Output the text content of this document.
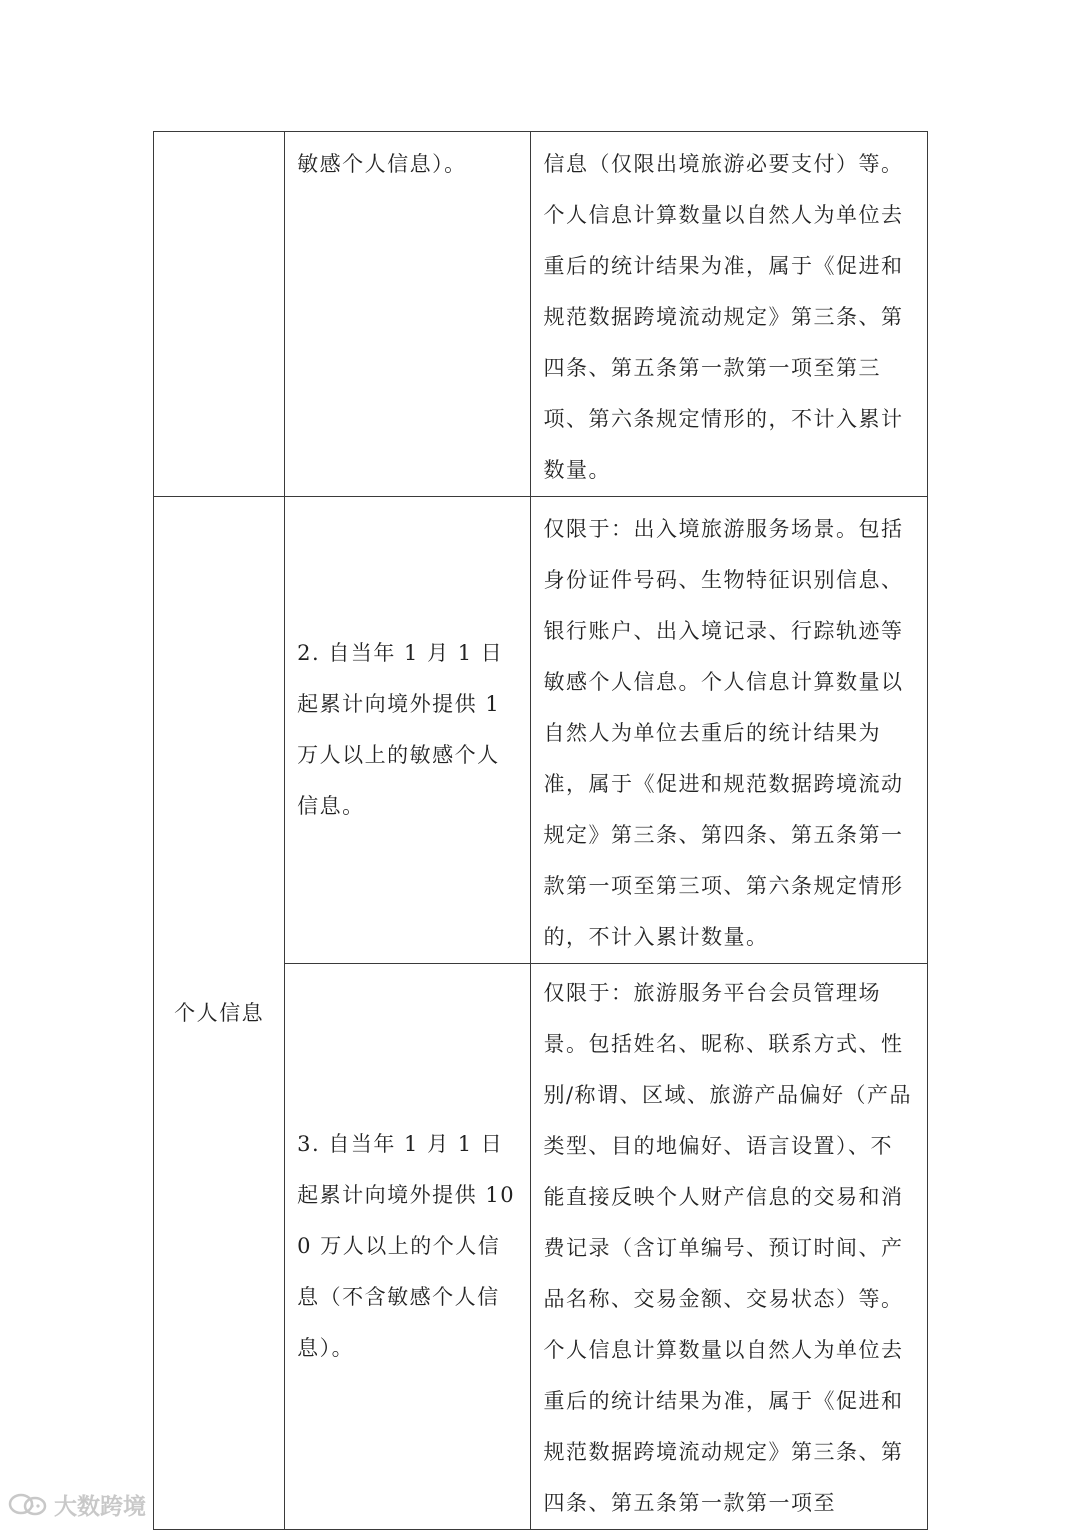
	敏感个人信息）。	信息（仅限出境旅游必要支付）等。个人信息计算数量以自然人为单位去重后的统计结果为准，属于《促进和规范数据跨境流动规定》第三条、第四条、第五条第一款第一项至第三项、第六条规定情形的，不计入累计数量。

个人信息	2. 自当年 1 月 1 日起累计向境外提供 1 万人以上的敏感个人信息。	仅限于：出入境旅游服务场景。包括身份证件号码、生物特征识别信息、银行账户、出入境记录、行踪轨迹等敏感个人信息。个人信息计算数量以自然人为单位去重后的统计结果为准，属于《促进和规范数据跨境流动规定》第三条、第四条、第五条第一款第一项至第三项、第六条规定情形的，不计入累计数量。

	3. 自当年 1 月 1 日起累计向境外提供 100 万人以上的个人信息（不含敏感个人信息）。	仅限于：旅游服务平台会员管理场景。包括姓名、昵称、联系方式、性别/称谓、区域、旅游产品偏好（产品类型、目的地偏好、语言设置）、不能直接反映个人财产信息的交易和消费记录（含订单编号、预订时间、产品名称、交易金额、交易状态）等。个人信息计算数量以自然人为单位去重后的统计结果为准，属于《促进和规范数据跨境流动规定》第三条、第四条、第五条第一款第一项至
大数跨境
